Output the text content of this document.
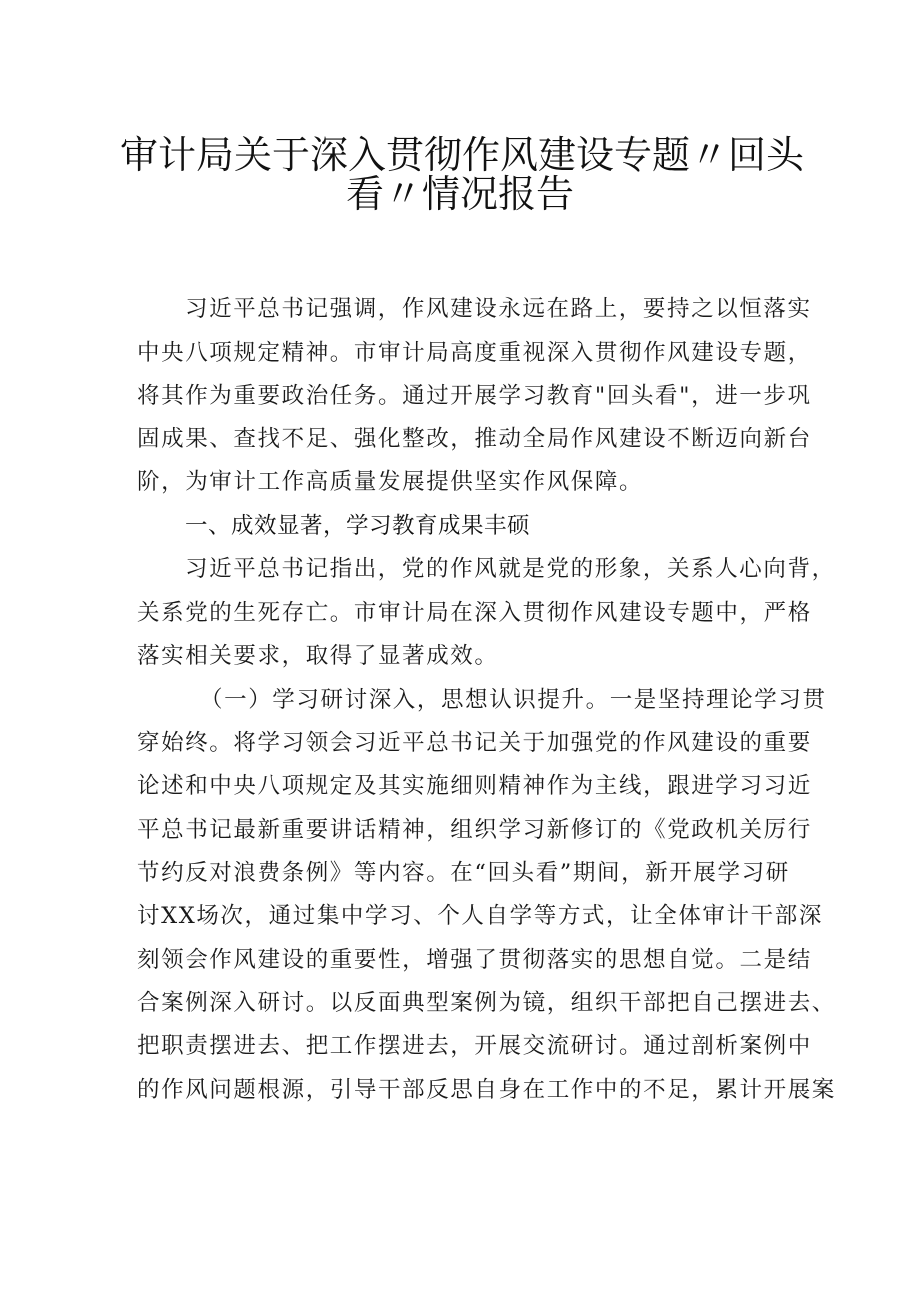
审计局关于深入贯彻作风建设专题〃回头
看〃情况报告
习近平总书记强调，作风建设永远在路上，要持之以恒落实
中央八项规定精神。市审计局高度重视深入贯彻作风建设专题，
将其作为重要政治任务。通过开展学习教育"回头看"，进一步巩
固成果、查找不足、强化整改，推动全局作风建设不断迈向新台
阶，为审计工作高质量发展提供坚实作风保障。
一、成效显著，学习教育成果丰硕
习近平总书记指出，党的作风就是党的形象，关系人心向背，
关系党的生死存亡。市审计局在深入贯彻作风建设专题中，严格
落实相关要求，取得了显著成效。
（一）学习研讨深入，思想认识提升。一是坚持理论学习贯
穿始终。将学习领会习近平总书记关于加强党的作风建设的重要
论述和中央八项规定及其实施细则精神作为主线，跟进学习习近
平总书记最新重要讲话精神，组织学习新修订的《党政机关厉行
节约反对浪费条例》等内容。在“回头看”期间，新开展学习研
讨XX场次，通过集中学习、个人自学等方式，让全体审计干部深
刻领会作风建设的重要性，增强了贯彻落实的思想自觉。二是结
合案例深入研讨。以反面典型案例为镜，组织干部把自己摆进去、
把职责摆进去、把工作摆进去，开展交流研讨。通过剖析案例中
的作风问题根源，引导干部反思自身在工作中的不足，累计开展案
